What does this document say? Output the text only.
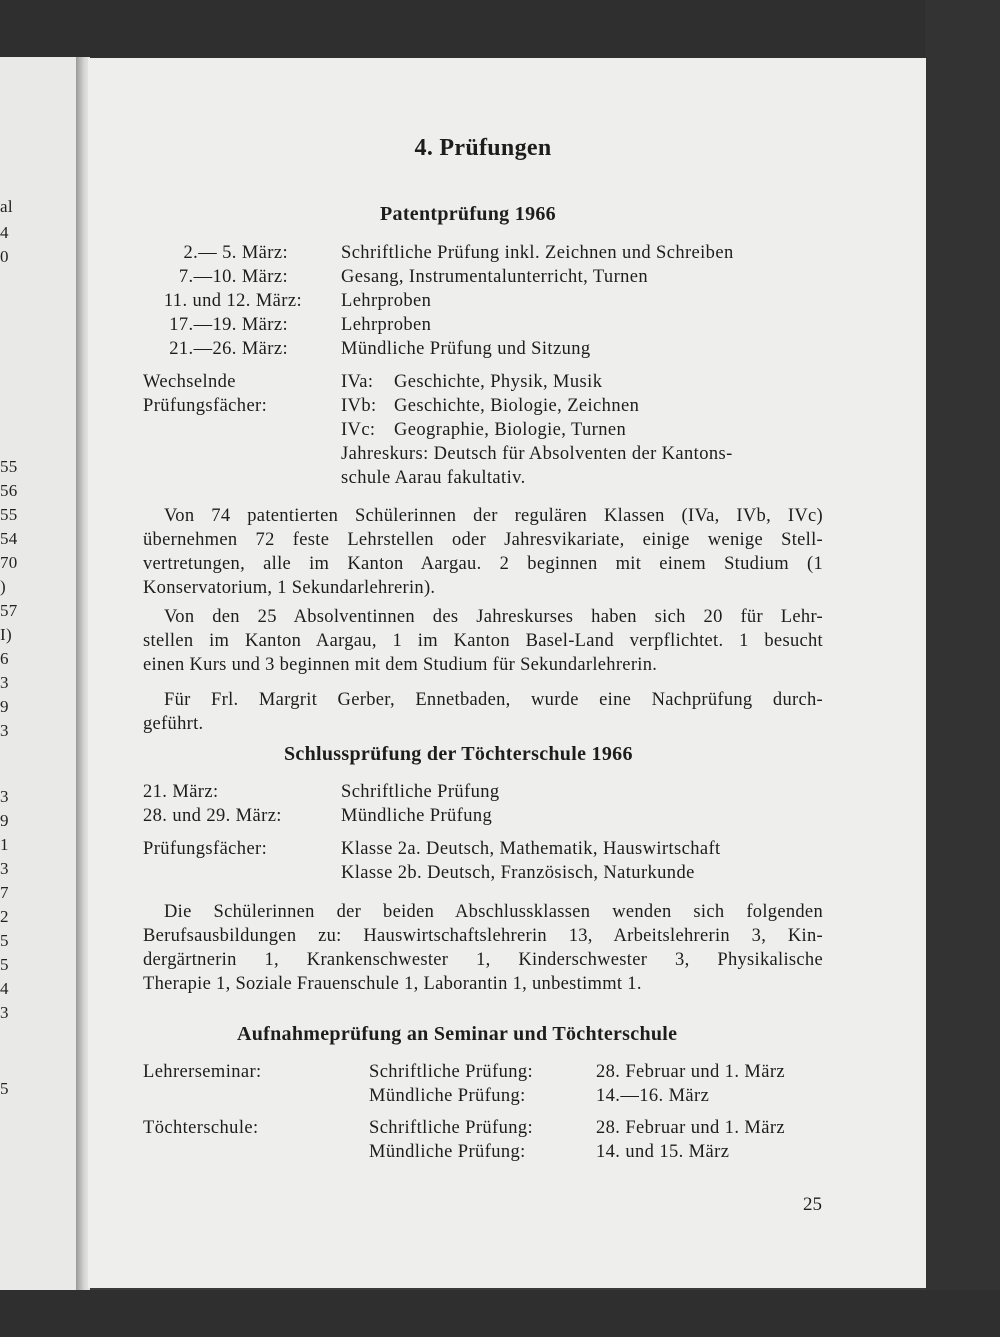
al
4
0
55
56
55
54
70
)
57
I)
6
3
9
3
3
9
1
3
7
2
5
5
4
3
5
4. Prüfungen
Patentprüfung 1966
2.— 5. März:	Schriftliche Prüfung inkl. Zeichnen und Schreiben
7.—10. März:	Gesang, Instrumentalunterricht, Turnen
11. und 12. März: Lehrproben
17.—19. März:	Lehrproben
21.—26. März:	Mündliche Prüfung und Sitzung
Wechselnde
Prüfungsfächer:
IVa: Geschichte, Physik, Musik
IVb: Geschichte, Biologie, Zeichnen
IVc: Geographie, Biologie, Turnen
Jahreskurs: Deutsch für Absolventen der Kantons-
schule Aarau fakultativ.
Von 74 patentierten Schülerinnen der regulären Klassen (IVa, IVb, IVc)
übernehmen 72 feste Lehrstellen oder Jahresvikariate, einige wenige Stell-
vertretungen, alle im Kanton Aargau. 2 beginnen mit einem Studium (1
Konservatorium, 1 Sekundarlehrerin).
Von den 25 Absolventinnen des Jahreskurses haben sich 20 für Lehr-
stellen im Kanton Aargau, 1 im Kanton Basel-Land verpflichtet. 1 besucht
einen Kurs und 3 beginnen mit dem Studium für Sekundarlehrerin.
Für Frl. Margrit Gerber, Ennetbaden, wurde eine Nachprüfung durch-
geführt.
Schlussprüfung der Töchterschule 1966
21. März:	Schriftliche Prüfung
28. und 29. März:	Mündliche Prüfung
Prüfungsfächer:	Klasse 2a. Deutsch, Mathematik, Hauswirtschaft
Klasse 2b. Deutsch, Französisch, Naturkunde
Die Schülerinnen der beiden Abschlussklassen wenden sich folgenden
Berufsausbildungen zu: Hauswirtschaftslehrerin 13, Arbeitslehrerin 3, Kin-
dergärtnerin 1, Krankenschwester 1, Kinderschwester 3, Physikalische
Therapie 1, Soziale Frauenschule 1, Laborantin 1, unbestimmt 1.
Aufnahmeprüfung an Seminar und Töchterschule
Lehrerseminar:	Schriftliche Prüfung:	28. Februar und 1. März
Mündliche Prüfung:	14.—16. März
Töchterschule:	Schriftliche Prüfung:	28. Februar und 1. März
Mündliche Prüfung:	14. und 15. März
25
